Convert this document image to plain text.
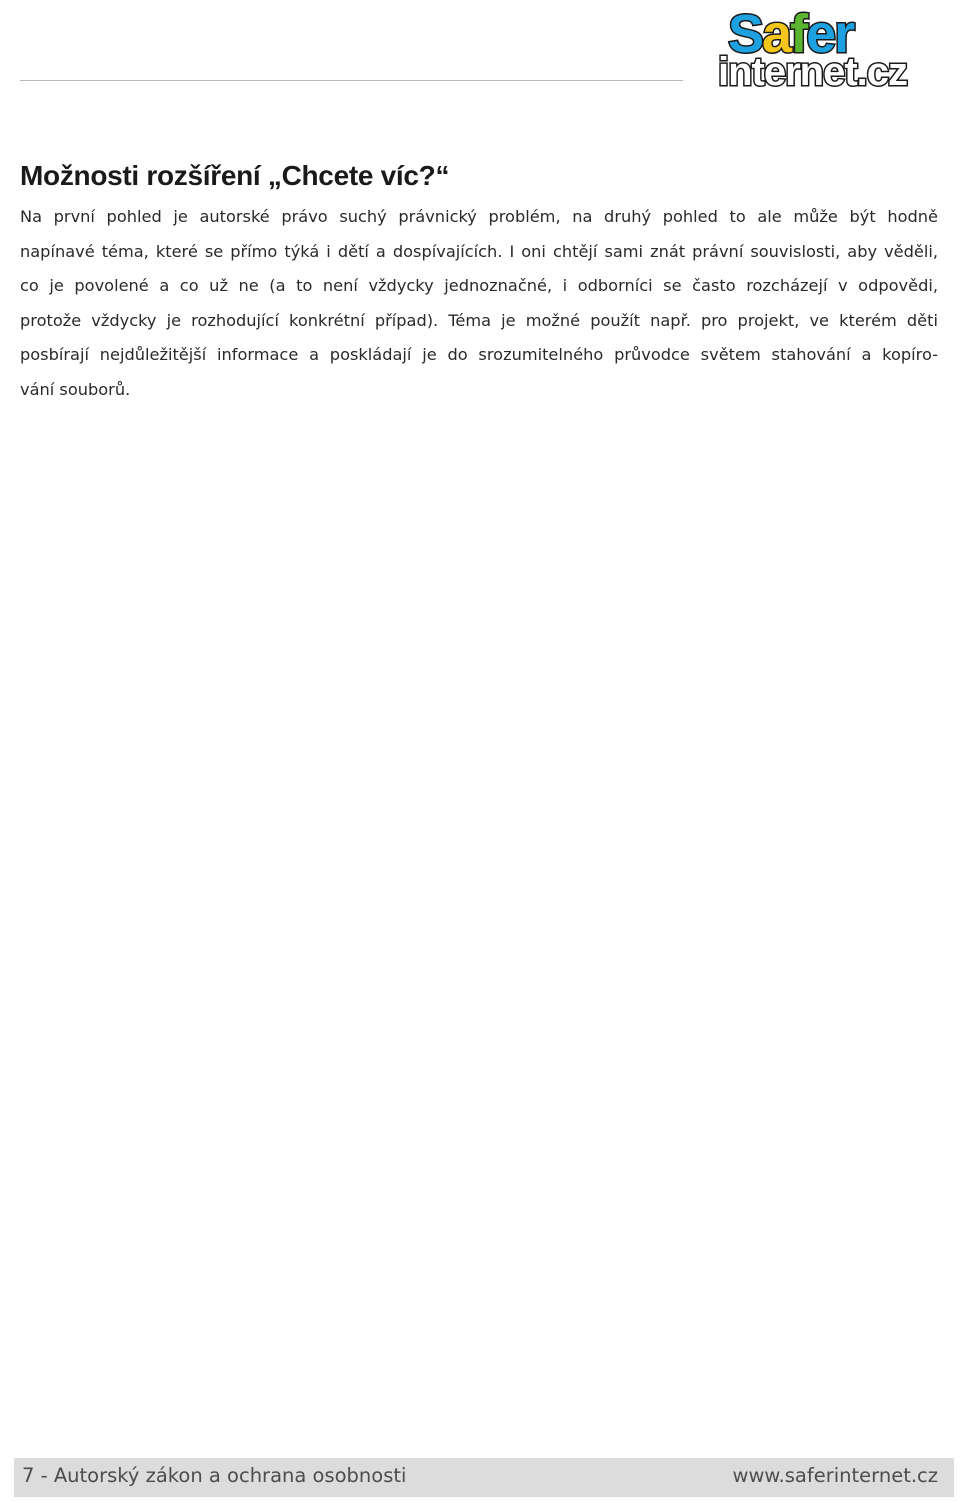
Safer
internet.cz
Možnosti rozšíření „Chcete víc?“
Na první pohled je autorské právo suchý právnický problém, na druhý pohled to ale může být hodně
napínavé téma, které se přímo týká i dětí a dospívajících. I oni chtějí sami znát právní souvislosti, aby věděli,
co je povolené a co už ne (a to není vždycky jednoznačné, i odborníci se často rozcházejí v odpovědi,
protože vždycky je rozhodující konkrétní případ). Téma je možné použít např. pro projekt, ve kterém děti
posbírají nejdůležitější informace a poskládají je do srozumitelného průvodce světem stahování a kopíro-
vání souborů.
7 - Autorský zákon a ochrana osobnosti	www.saferinternet.cz
